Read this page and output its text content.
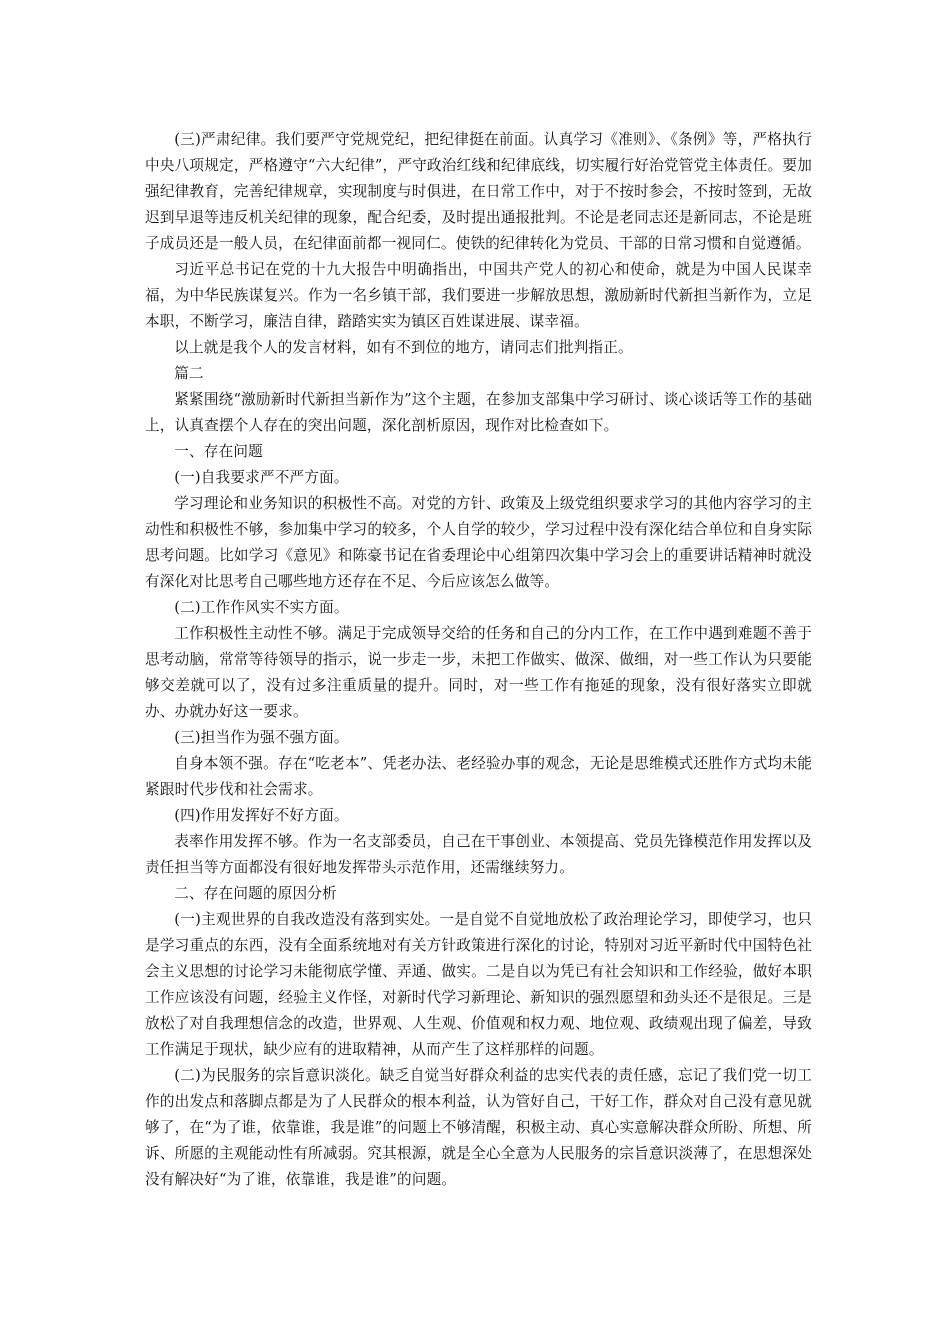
(三)严肃纪律。我们要严守党规党纪，把纪律挺在前面。认真学习《准则》、《条例》等，严格执行中央八项规定，严格遵守“六大纪律”，严守政治红线和纪律底线，切实履行好治党管党主体责任。要加强纪律教育，完善纪律规章，实现制度与时俱进，在日常工作中，对于不按时参会，不按时签到，无故迟到早退等违反机关纪律的现象，配合纪委，及时提出通报批判。不论是老同志还是新同志，不论是班子成员还是一般人员，在纪律面前都一视同仁。使铁的纪律转化为党员、干部的日常习惯和自觉遵循。

习近平总书记在党的十九大报告中明确指出，中国共产党人的初心和使命，就是为中国人民谋幸福，为中华民族谋复兴。作为一名乡镇干部，我们要进一步解放思想，激励新时代新担当新作为，立足本职，不断学习，廉洁自律，踏踏实实为镇区百姓谋进展、谋幸福。

以上就是我个人的发言材料，如有不到位的地方，请同志们批判指正。

篇二

紧紧围绕“激励新时代新担当新作为”这个主题，在参加支部集中学习研讨、谈心谈话等工作的基础上，认真查摆个人存在的突出问题，深化剖析原因，现作对比检查如下。

一、存在问题

(一)自我要求严不严方面。

学习理论和业务知识的积极性不高。对党的方针、政策及上级党组织要求学习的其他内容学习的主动性和积极性不够，参加集中学习的较多，个人自学的较少，学习过程中没有深化结合单位和自身实际思考问题。比如学习《意见》和陈豪书记在省委理论中心组第四次集中学习会上的重要讲话精神时就没有深化对比思考自己哪些地方还存在不足、今后应该怎么做等。

(二)工作作风实不实方面。

工作积极性主动性不够。满足于完成领导交给的任务和自己的分内工作，在工作中遇到难题不善于思考动脑，常常等待领导的指示，说一步走一步，未把工作做实、做深、做细，对一些工作认为只要能够交差就可以了，没有过多注重质量的提升。同时，对一些工作有拖延的现象，没有很好落实立即就办、办就办好这一要求。

(三)担当作为强不强方面。

自身本领不强。存在“吃老本”、凭老办法、老经验办事的观念，无论是思维模式还胜作方式均未能紧跟时代步伐和社会需求。

(四)作用发挥好不好方面。

表率作用发挥不够。作为一名支部委员，自己在干事创业、本领提高、党员先锋模范作用发挥以及责任担当等方面都没有很好地发挥带头示范作用，还需继续努力。

二、存在问题的原因分析

(一)主观世界的自我改造没有落到实处。一是自觉不自觉地放松了政治理论学习，即使学习，也只是学习重点的东西，没有全面系统地对有关方针政策进行深化的讨论，特别对习近平新时代中国特色社会主义思想的讨论学习未能彻底学懂、弄通、做实。二是自以为凭已有社会知识和工作经验，做好本职工作应该没有问题，经验主义作怪，对新时代学习新理论、新知识的强烈愿望和劲头还不是很足。三是放松了对自我理想信念的改造，世界观、人生观、价值观和权力观、地位观、政绩观出现了偏差，导致工作满足于现状，缺少应有的进取精神，从而产生了这样那样的问题。

(二)为民服务的宗旨意识淡化。缺乏自觉当好群众利益的忠实代表的责任感，忘记了我们党一切工作的出发点和落脚点都是为了人民群众的根本利益，认为管好自己，干好工作，群众对自己没有意见就够了，在“为了谁，依靠谁，我是谁”的问题上不够清醒，积极主动、真心实意解决群众所盼、所想、所诉、所愿的主观能动性有所减弱。究其根源，就是全心全意为人民服务的宗旨意识淡薄了，在思想深处没有解决好“为了谁，依靠谁，我是谁”的问题。
